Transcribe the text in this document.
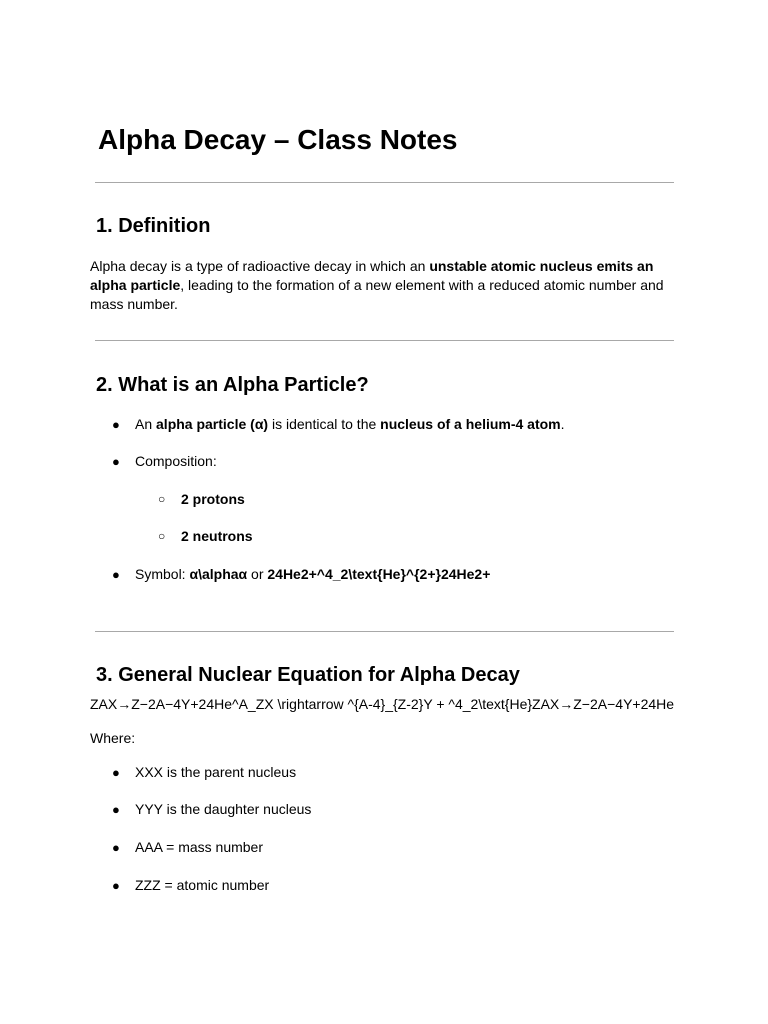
Alpha Decay – Class Notes
1. Definition

Alpha decay is a type of radioactive decay in which an unstable atomic nucleus emits an alpha particle, leading to the formation of a new element with a reduced atomic number and mass number.

2. What is an Alpha Particle?
● An alpha particle (α) is identical to the nucleus of a helium-4 atom.

● Composition:

○ 2 protons

○ 2 neutrons

● Symbol: α\alphaα or 24He2+^4_2\text{He}^{2+}24He2+

3. General Nuclear Equation for Alpha Decay

ZAX→Z−2A−4Y+24He^A_ZX \rightarrow ^{A-4}_{Z-2}Y + ^4_2\text{He}ZAX→Z−2A−4Y+24He

Where:

● XXX is the parent nucleus

● YYY is the daughter nucleus

● AAA = mass number

● ZZZ = atomic number
